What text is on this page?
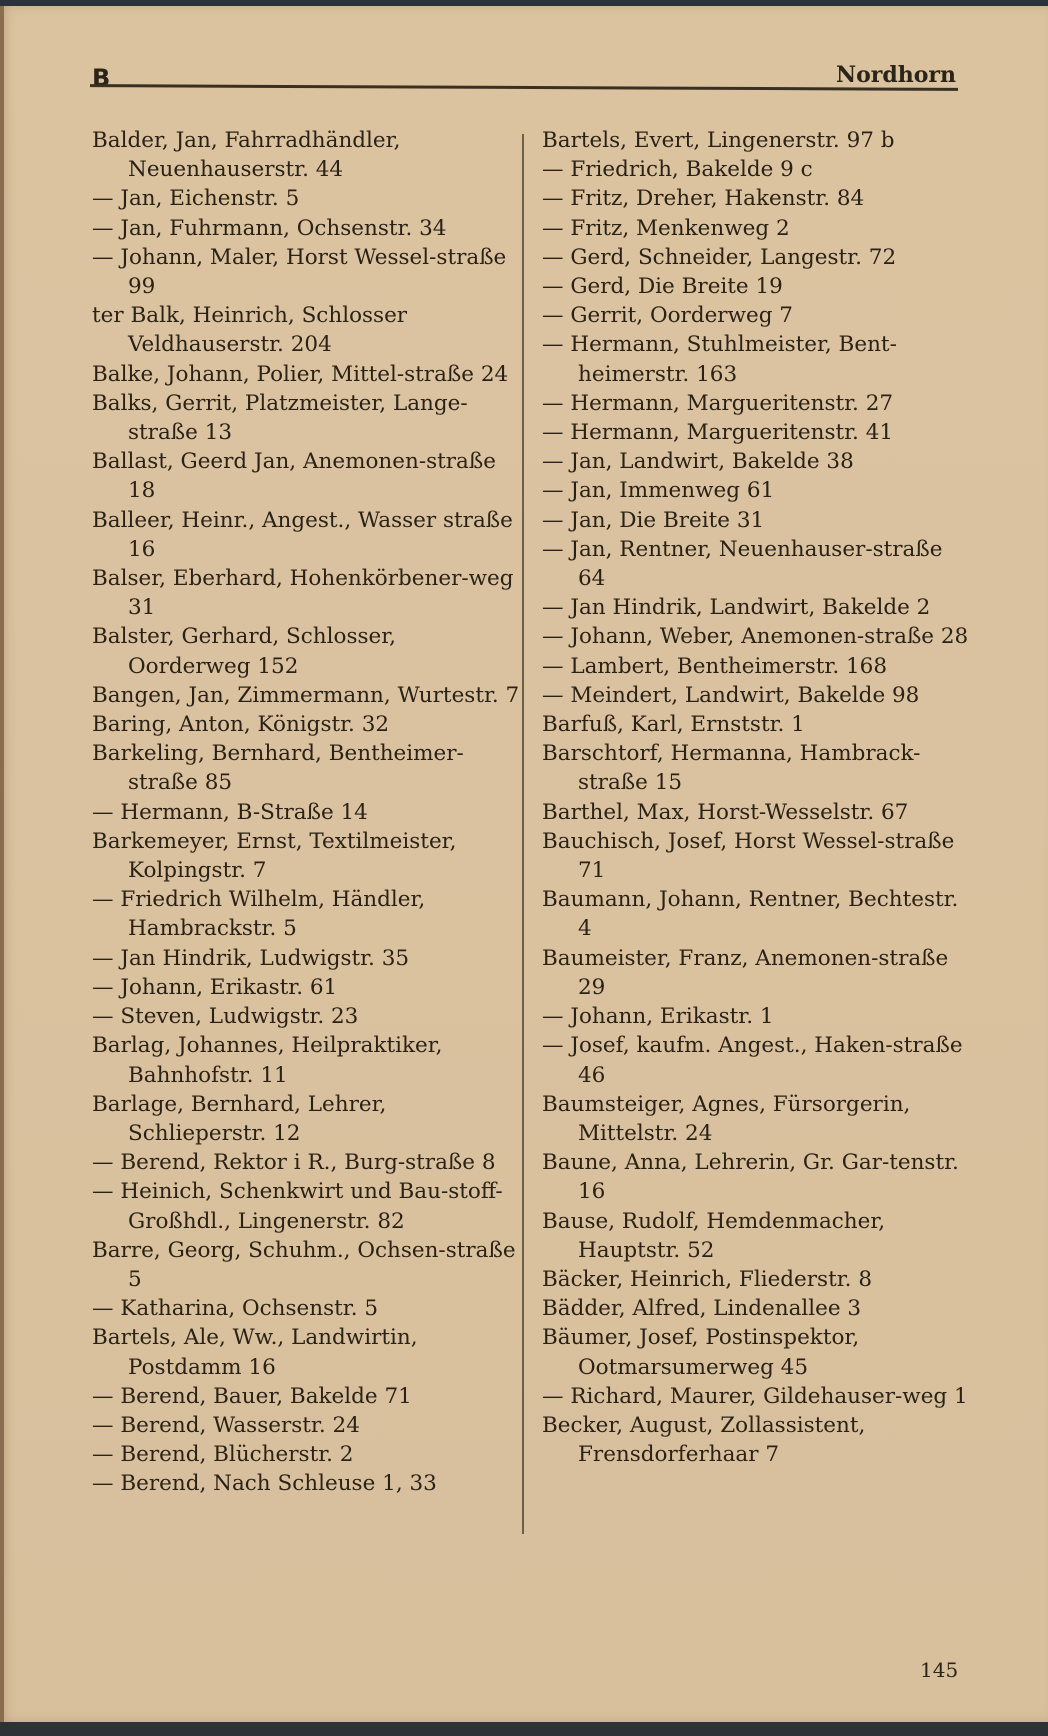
B	Nordhorn

Balder, Jan, Fahrradhändler, Neuenhauserstr. 44

— Jan, Eichenstr. 5

— Jan, Fuhrmann, Ochsenstr. 34

— Johann, Maler, Horst Wessel-straße 99

ter Balk, Heinrich, Schlosser Veldhauserstr. 204

Balke, Johann, Polier, Mittel-straße 24

Balks, Gerrit, Platzmeister, Lange-straße 13

Ballast, Geerd Jan, Anemonen-straße 18

Balleer, Heinr., Angest., Wasser straße 16

Balser, Eberhard, Hohenkörbener-weg 31

Balster, Gerhard, Schlosser, Oorderweg 152

Bangen, Jan, Zimmermann, Wurtestr. 7

Baring, Anton, Königstr. 32

Barkeling, Bernhard, Bentheimer-straße 85

— Hermann, B-Straße 14

Barkemeyer, Ernst, Textilmeister, Kolpingstr. 7

— Friedrich Wilhelm, Händler, Hambrackstr. 5

— Jan Hindrik, Ludwigstr. 35

— Johann, Erikastr. 61

— Steven, Ludwigstr. 23

Barlag, Johannes, Heilpraktiker, Bahnhofstr. 11

Barlage, Bernhard, Lehrer, Schlieperstr. 12

— Berend, Rektor i R., Burg-straße 8

— Heinich, Schenkwirt und Bau-stoff-Großhdl., Lingenerstr. 82

Barre, Georg, Schuhm., Ochsen-straße 5

— Katharina, Ochsenstr. 5

Bartels, Ale, Ww., Landwirtin, Postdamm 16

— Berend, Bauer, Bakelde 71

— Berend, Wasserstr. 24

— Berend, Blücherstr. 2

— Berend, Nach Schleuse 1, 33

Bartels, Evert, Lingenerstr. 97 b

— Friedrich, Bakelde 9 c

— Fritz, Dreher, Hakenstr. 84

— Fritz, Menkenweg 2

— Gerd, Schneider, Langestr. 72

— Gerd, Die Breite 19

— Gerrit, Oorderweg 7

— Hermann, Stuhlmeister, Bent-heimerstr. 163

— Hermann, Margueritenstr. 27

— Hermann, Margueritenstr. 41

— Jan, Landwirt, Bakelde 38

— Jan, Immenweg 61

— Jan, Die Breite 31

— Jan, Rentner, Neuenhauser-straße 64

— Jan Hindrik, Landwirt, Bakelde 2

— Johann, Weber, Anemonen-straße 28

— Lambert, Bentheimerstr. 168

— Meindert, Landwirt, Bakelde 98

Barfuß, Karl, Ernststr. 1

Barschtorf, Hermanna, Hambrack-straße 15

Barthel, Max, Horst-Wesselstr. 67

Bauchisch, Josef, Horst Wessel-straße 71

Baumann, Johann, Rentner, Bechtestr. 4

Baumeister, Franz, Anemonen-straße 29

— Johann, Erikastr. 1

— Josef, kaufm. Angest., Haken-straße 46

Baumsteiger, Agnes, Fürsorgerin, Mittelstr. 24

Baune, Anna, Lehrerin, Gr. Gar-tenstr. 16

Bause, Rudolf, Hemdenmacher, Hauptstr. 52

Bäcker, Heinrich, Fliederstr. 8

Bädder, Alfred, Lindenallee 3

Bäumer, Josef, Postinspektor, Ootmarsumerweg 45

— Richard, Maurer, Gildehauser-weg 1

Becker, August, Zollassistent, Frensdorferhaar 7

145
